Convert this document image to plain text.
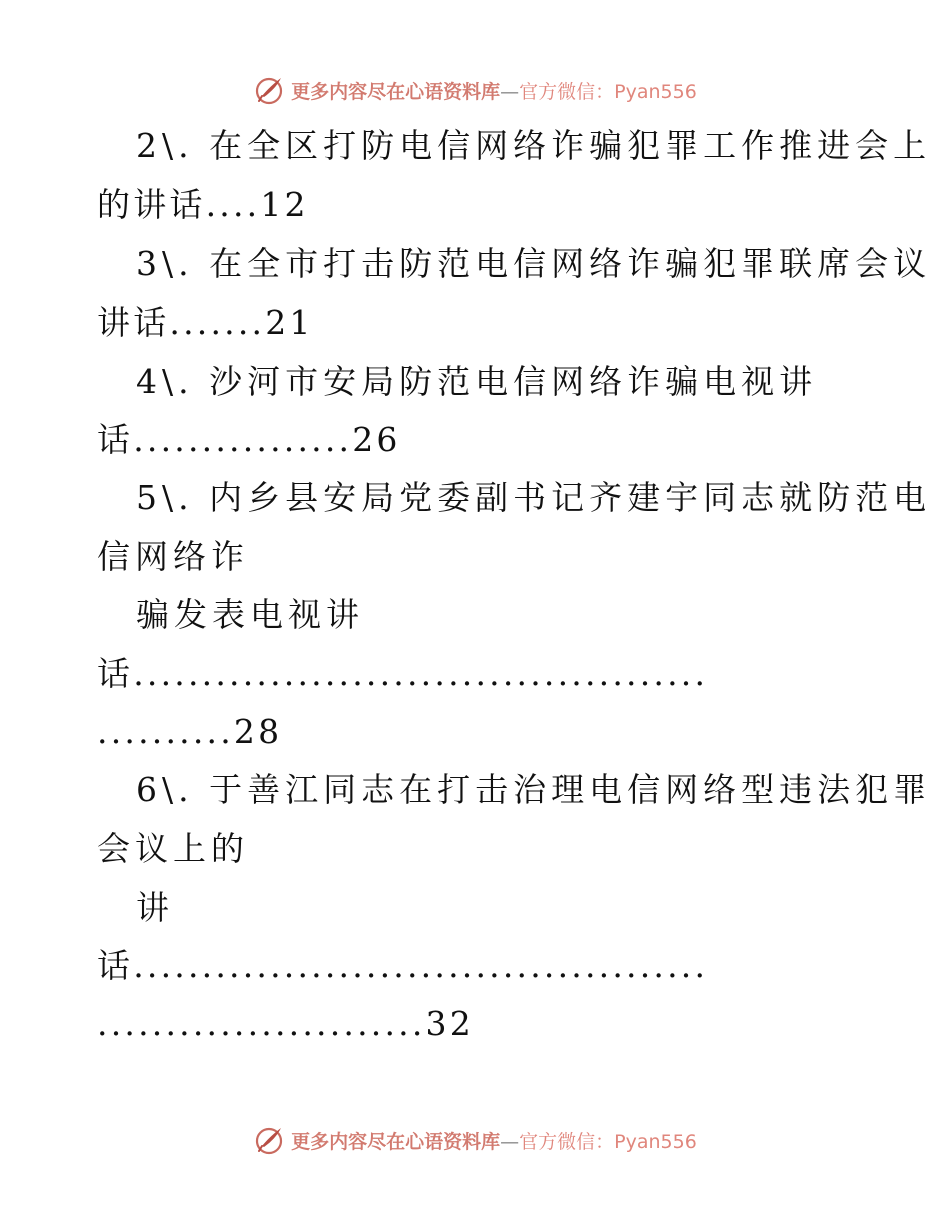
更多内容尽在心语资料库—官方微信：Pyan556
2\. 在全区打防电信网络诈骗犯罪工作推进会上
的讲话....12
3\. 在全市打击防范电信网络诈骗犯罪联席会议
讲话.......21
4\. 沙河市安局防范电信网络诈骗电视讲
话................26
5\. 内乡县安局党委副书记齐建宇同志就防范电
信网络诈
骗发表电视讲
话..........................................
..........28
6\. 于善江同志在打击治理电信网络型违法犯罪
会议上的
讲
话..........................................
........................32
更多内容尽在心语资料库—官方微信：Pyan556
